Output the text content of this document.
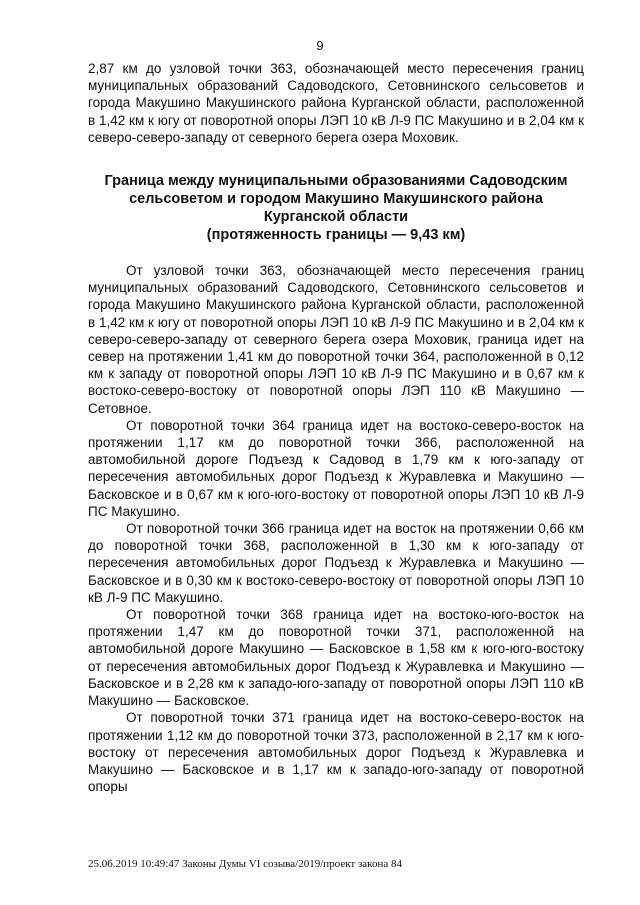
9

2,87 км до узловой точки 363, обозначающей место пересечения границ муниципальных образований Садоводского, Сетовнинского сельсоветов и города Макушино Макушинского района Курганской области, расположенной в 1,42 км к югу от поворотной опоры ЛЭП 10 кВ Л-9 ПС Макушино и в 2,04 км к северо-северо-западу от северного берега озера Моховик.

Граница между муниципальными образованиями Садоводским
сельсоветом и городом Макушино Макушинского района
Курганской области
(протяженность границы — 9,43 км)

От узловой точки 363, обозначающей место пересечения границ муниципальных образований Садоводского, Сетовнинского сельсоветов и города Макушино Макушинского района Курганской области, расположенной в 1,42 км к югу от поворотной опоры ЛЭП 10 кВ Л-9 ПС Макушино и в 2,04 км к северо-северо-западу от северного берега озера Моховик, граница идет на север на протяжении 1,41 км до поворотной точки 364, расположенной в 0,12 км к западу от поворотной опоры ЛЭП 10 кВ Л-9 ПС Макушино и в 0,67 км к востоко-северо-востоку от поворотной опоры ЛЭП 110 кВ Макушино — Сетовное.

От поворотной точки 364 граница идет на востоко-северо-восток на протяжении 1,17 км до поворотной точки 366, расположенной на автомобильной дороге Подъезд к Садовод в 1,79 км к юго-западу от пересечения автомобильных дорог Подъезд к Журавлевка и Макушино — Басковское и в 0,67 км к юго-юго-востоку от поворотной опоры ЛЭП 10 кВ Л-9 ПС Макушино.

От поворотной точки 366 граница идет на восток на протяжении 0,66 км до поворотной точки 368, расположенной в 1,30 км к юго-западу от пересечения автомобильных дорог Подъезд к Журавлевка и Макушино — Басковское и в 0,30 км к востоко-северо-востоку от поворотной опоры ЛЭП 10 кВ Л-9 ПС Макушино.

От поворотной точки 368 граница идет на востоко-юго-восток на протяжении 1,47 км до поворотной точки 371, расположенной на автомобильной дороге Макушино — Басковское в 1,58 км к юго-юго-востоку от пересечения автомобильных дорог Подъезд к Журавлевка и Макушино — Басковское и в 2,28 км к западо-юго-западу от поворотной опоры ЛЭП 110 кВ Макушино — Басковское.

От поворотной точки 371 граница идет на востоко-северо-восток на протяжении 1,12 км до поворотной точки 373, расположенной в 2,17 км к юго-востоку от пересечения автомобильных дорог Подъезд к Журавлевка и Макушино — Басковское и в 1,17 км к западо-юго-западу от поворотной опоры

25.06.2019 10:49:47 Законы Думы VI созыва/2019/проект закона 84
